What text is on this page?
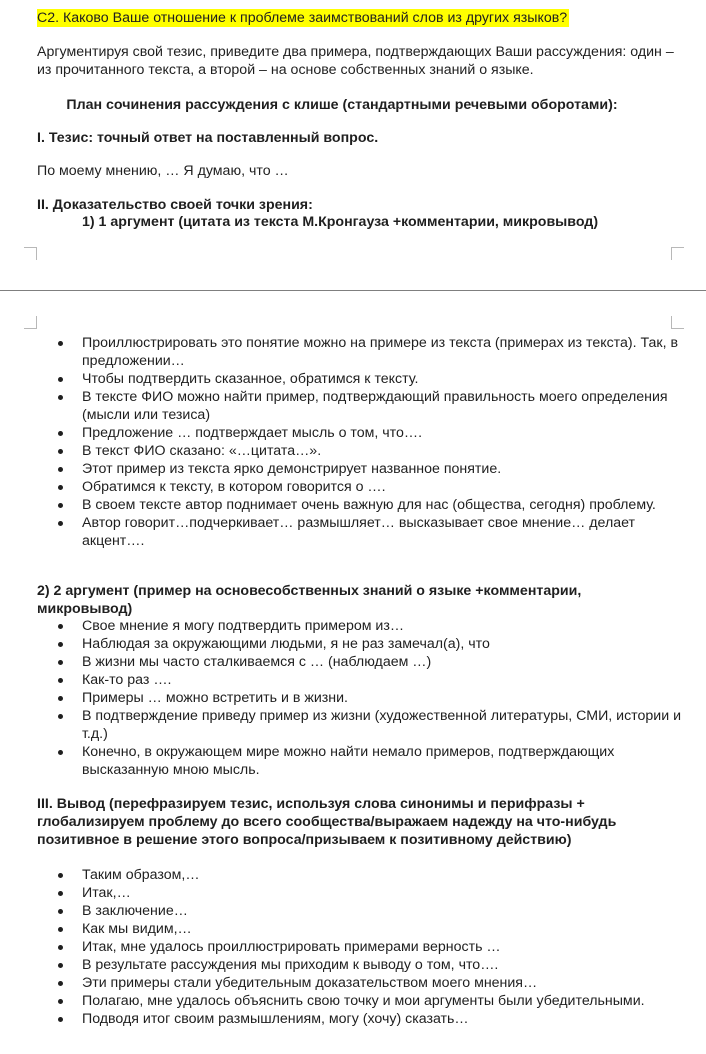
С2. Каково Ваше отношение к проблеме заимствований слов из других языков?
Аргументируя свой тезис, приведите два примера, подтверждающих Ваши рассуждения: один – из прочитанного текста, а второй – на основе собственных знаний о языке.
План сочинения рассуждения с клише (стандартными речевыми оборотами):
I. Тезис: точный ответ на поставленный вопрос.
По моему мнению, … Я думаю, что …
II. Доказательство своей точки зрения:
1) 1 аргумент (цитата из текста М.Кронгауза +комментарии, микровывод)
Проиллюстрировать это понятие можно на примере из текста (примерах из текста). Так, в предложении…
Чтобы подтвердить сказанное, обратимся к тексту.
В тексте ФИО можно найти пример, подтверждающий правильность моего определения (мысли или тезиса)
Предложение … подтверждает мысль о том, что….
В текст ФИО сказано: «…цитата…».
Этот пример из текста ярко демонстрирует названное понятие.
Обратимся к тексту, в котором говорится о ….
В своем тексте автор поднимает очень важную для нас (общества, сегодня) проблему.
Автор говорит…подчеркивает… размышляет… высказывает свое мнение… делает акцент….
2) 2 аргумент (пример на основесобственных знаний о языке +комментарии, микровывод)
Свое мнение я могу подтвердить примером из…
Наблюдая за окружающими людьми, я не раз замечал(а), что
В жизни мы часто сталкиваемся с … (наблюдаем …)
Как-то раз ….
Примеры … можно встретить и в жизни.
В подтверждение приведу пример из жизни (художественной литературы, СМИ, истории и т.д.)
Конечно, в окружающем мире можно найти немало примеров, подтверждающих высказанную мною мысль.
III. Вывод (перефразируем тезис, используя слова синонимы и перифразы + глобализируем проблему до всего сообщества/выражаем надежду на что-нибудь позитивное в решение этого вопроса/призываем к позитивному действию)
Таким образом,…
Итак,…
В заключение…
Как мы видим,…
Итак, мне удалось проиллюстрировать примерами верность …
В результате рассуждения мы приходим к выводу о том, что….
Эти примеры стали убедительным доказательством моего мнения…
Полагаю, мне удалось объяснить свою точку и мои аргументы были убедительными.
Подводя итог своим размышлениям, могу (хочу) сказать…
